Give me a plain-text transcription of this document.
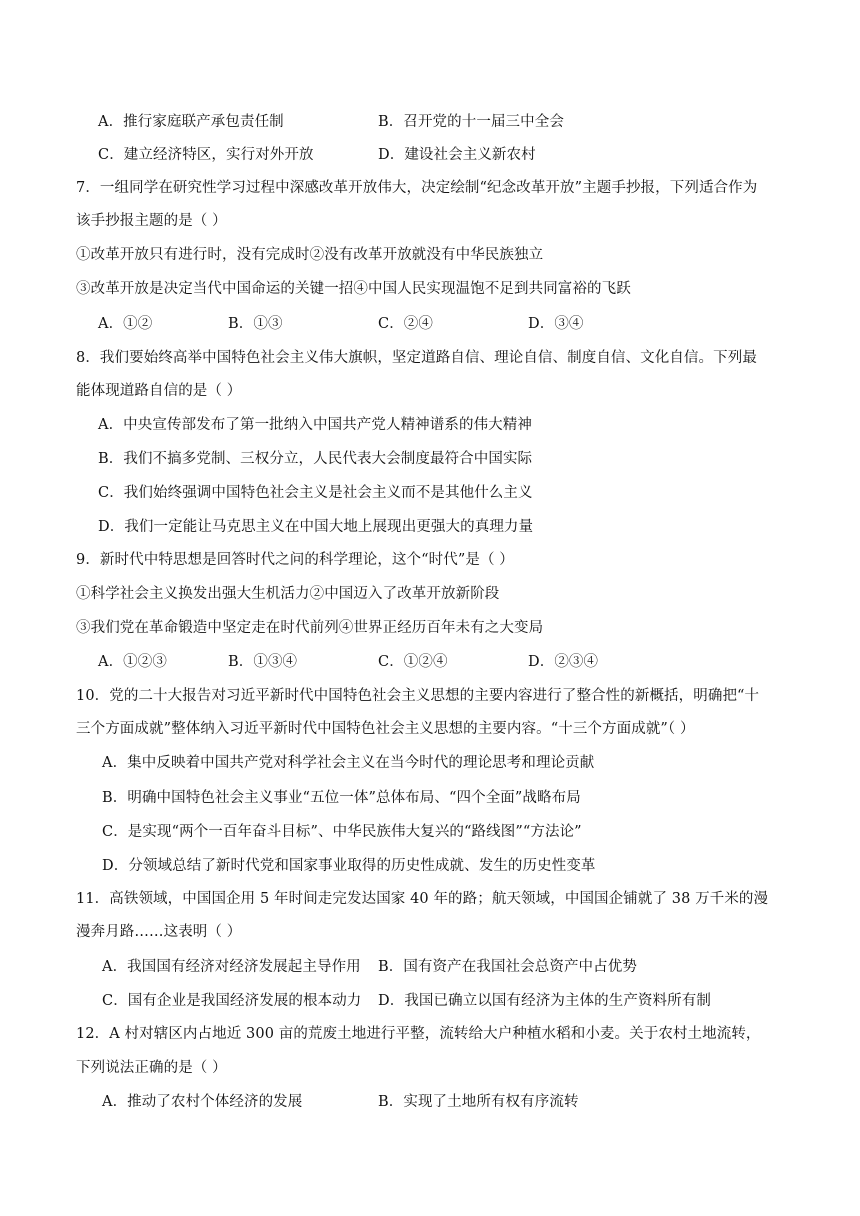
A．推行家庭联产承包责任制	B．召开党的十一届三中全会
C．建立经济特区，实行对外开放	D．建设社会主义新农村
7．一组同学在研究性学习过程中深感改革开放伟大，决定绘制“纪念改革开放”主题手抄报，下列适合作为
该手抄报主题的是（ ）
①改革开放只有进行时，没有完成时②没有改革开放就没有中华民族独立
③改革开放是决定当代中国命运的关键一招④中国人民实现温饱不足到共同富裕的飞跃
A．①②	B．①③	C．②④	D．③④
8．我们要始终高举中国特色社会主义伟大旗帜，坚定道路自信、理论自信、制度自信、文化自信。下列最
能体现道路自信的是（ ）
A．中央宣传部发布了第一批纳入中国共产党人精神谱系的伟大精神
B．我们不搞多党制、三权分立，人民代表大会制度最符合中国实际
C．我们始终强调中国特色社会主义是社会主义而不是其他什么主义
D．我们一定能让马克思主义在中国大地上展现出更强大的真理力量
9．新时代中特思想是回答时代之问的科学理论，这个“时代”是（ ）
①科学社会主义换发出强大生机活力②中国迈入了改革开放新阶段
③我们党在革命锻造中坚定走在时代前列④世界正经历百年未有之大变局
A．①②③	B．①③④	C．①②④	D．②③④
10．党的二十大报告对习近平新时代中国特色社会主义思想的主要内容进行了整合性的新概括，明确把“十
三个方面成就”整体纳入习近平新时代中国特色社会主义思想的主要内容。“十三个方面成就”（ ）
A．集中反映着中国共产党对科学社会主义在当今时代的理论思考和理论贡献
B．明确中国特色社会主义事业“五位一体”总体布局、“四个全面”战略布局
C．是实现“两个一百年奋斗目标”、中华民族伟大复兴的“路线图”“方法论”
D．分领域总结了新时代党和国家事业取得的历史性成就、发生的历史性变革
11．高铁领域，中国国企用 5 年时间走完发达国家 40 年的路；航天领域，中国国企铺就了 38 万千米的漫
漫奔月路……这表明（ ）
A．我国国有经济对经济发展起主导作用 B．国有资产在我国社会总资产中占优势
C．国有企业是我国经济发展的根本动力 D．我国已确立以国有经济为主体的生产资料所有制
12．A 村对辖区内占地近 300 亩的荒废土地进行平整，流转给大户种植水稻和小麦。关于农村土地流转，
下列说法正确的是（ ）
A．推动了农村个体经济的发展	B．实现了土地所有权有序流转
